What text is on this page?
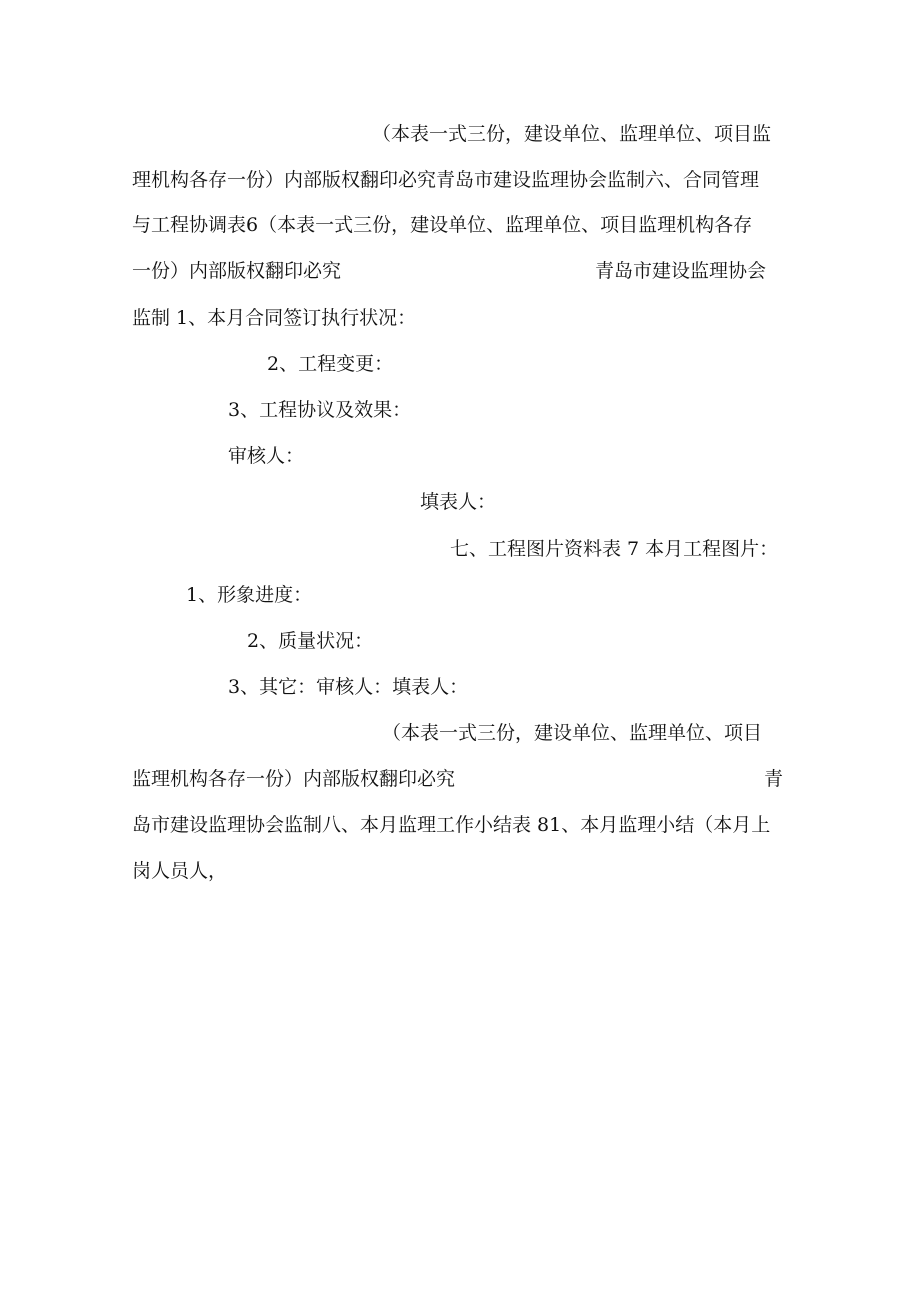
（本表一式三份，建设单位、监理单位、项目监
理机构各存一份）内部版权翻印必究青岛市建设监理协会监制六、合同管理
与工程协调表6（本表一式三份，建设单位、监理单位、项目监理机构各存
一份）内部版权翻印必究	青岛市建设监理协会
监制 1、本月合同签订执行状况：
2、工程变更：
3、工程协议及效果：
审核人：
填表人：
七、工程图片资料表 7 本月工程图片：
1、形象进度：
2、质量状况：
3、其它：审核人：填表人：
（本表一式三份，建设单位、监理单位、项目
监理机构各存一份）内部版权翻印必究	青
岛市建设监理协会监制八、本月监理工作小结表 81、本月监理小结（本月上
岗人员人，
